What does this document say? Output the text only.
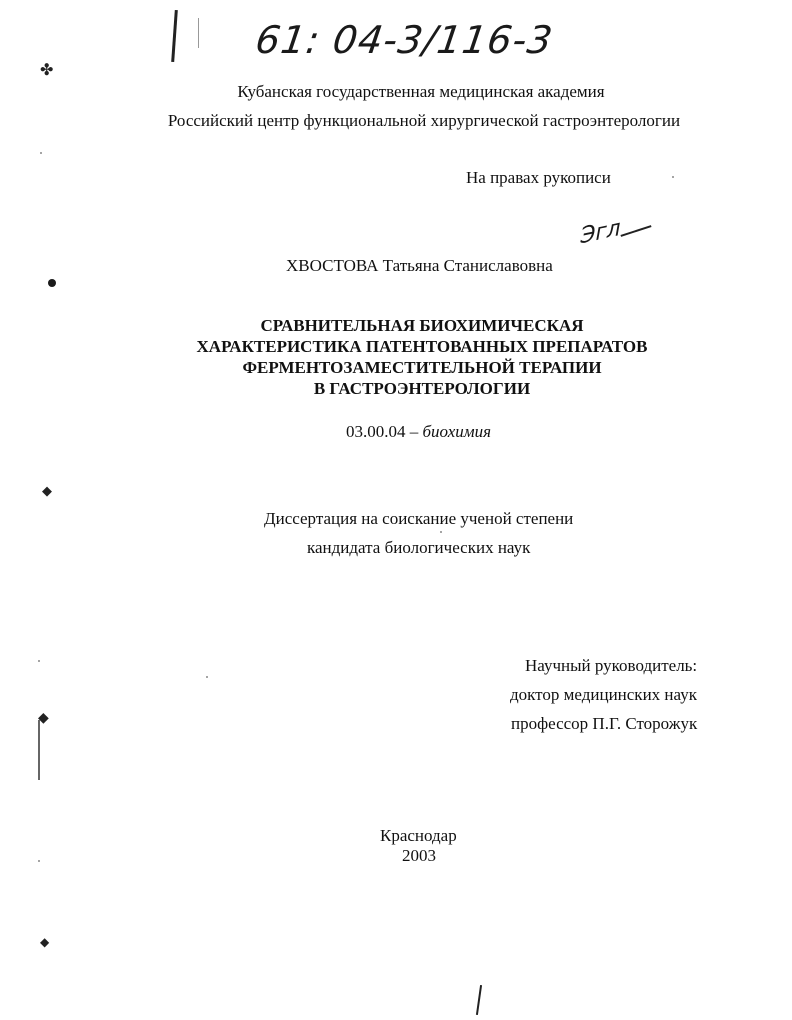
✤
◆
◆
◆
61: 04-3/116-3
Кубанская государственная медицинская академия
Российский центр функциональной хирургической гастроэнтерологии
На правах рукописи
Эгл
ХВОСТОВА Татьяна Станиславовна
СРАВНИТЕЛЬНАЯ БИОХИМИЧЕСКАЯ
ХАРАКТЕРИСТИКА ПАТЕНТОВАННЫХ ПРЕПАРАТОВ
ФЕРМЕНТОЗАМЕСТИТЕЛЬНОЙ ТЕРАПИИ
В ГАСТРОЭНТЕРОЛОГИИ
03.00.04 – биохимия
Диссертация на соискание ученой степени
кандидата биологических наук
Научный руководитель:
доктор медицинских наук
профессор П.Г. Сторожук
Краснодар
2003
